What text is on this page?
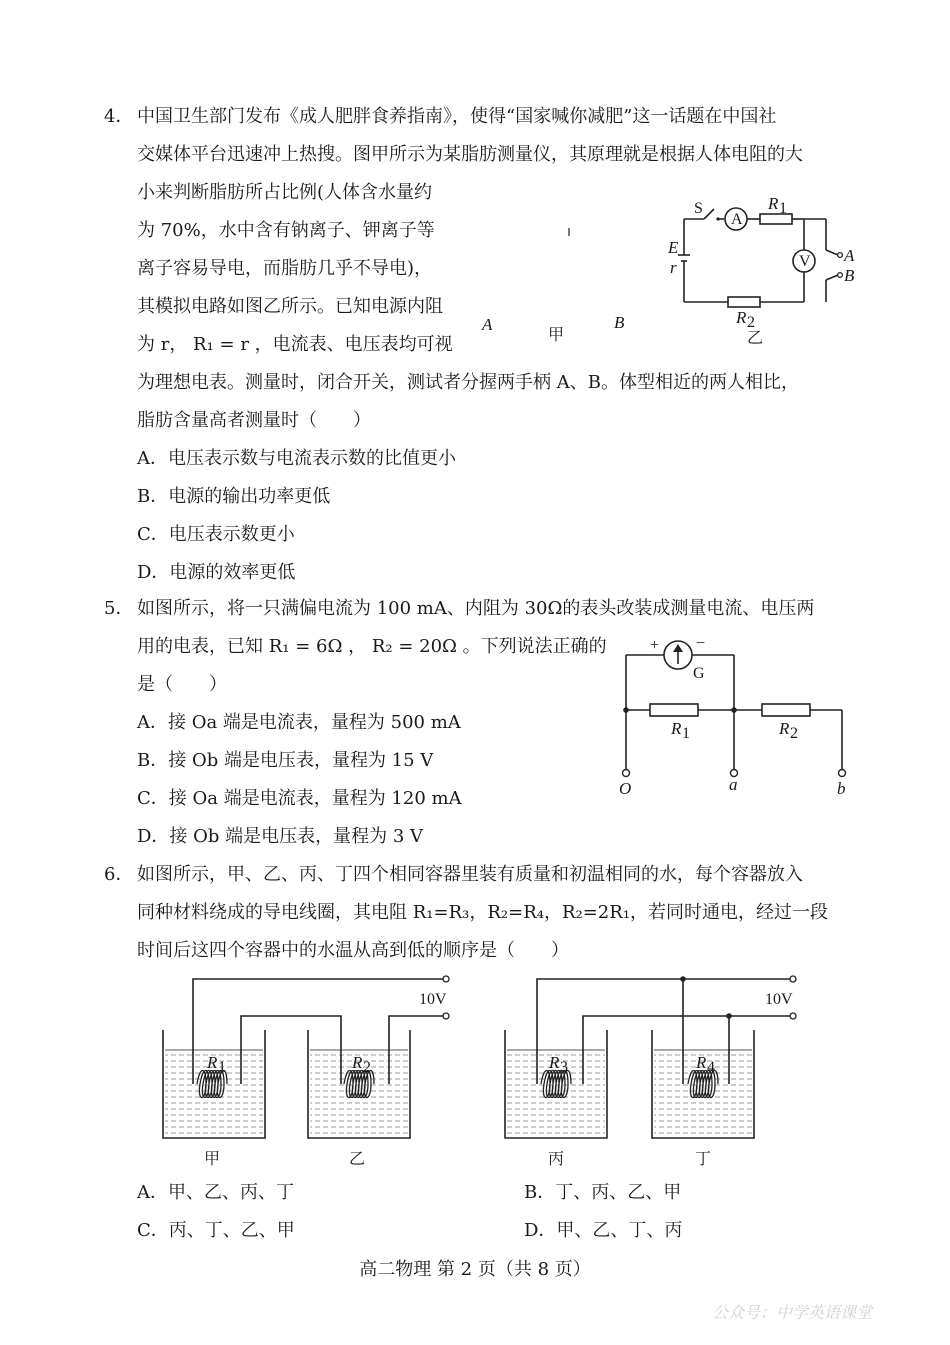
4． 中国卫生部门发布《成人肥胖食养指南》，使得“国家喊你减肥”这一话题在中国社
交媒体平台迅速冲上热搜。图甲所示为某脂肪测量仪，其原理就是根据人体电阻的大
小来判断脂肪所占比例(人体含水量约
为 70%，水中含有钠离子、钾离子等
离子容易导电，而脂肪几乎不导电)，
其模拟电路如图乙所示。已知电源内阻
为 r， R₁ = r ，电流表、电压表均可视
为理想电表。测量时，闭合开关，测试者分握两手柄 A、B。体型相近的两人相比，
脂肪含量高者测量时（　　）
A．电压表示数与电流表示数的比值更小
B．电源的输出功率更低
C．电压表示数更小
D．电源的效率更低
A	B
甲
S
A
R 1
V
E
r
A
B
R 2
乙
5． 如图所示，将一只满偏电流为 100 mA、内阻为 30Ω的表头改装成测量电流、电压两
用的电表，已知 R₁ = 6Ω ， R₂ = 20Ω 。下列说法正确的
是（　　）
A．接 Oa 端是电流表，量程为 500 mA
B．接 Ob 端是电压表，量程为 15 V
C．接 Oa 端是电流表，量程为 120 mA
D．接 Ob 端是电压表，量程为 3 V
+ −
G
R 1	R 2
O	a	b
6． 如图所示，甲、乙、丙、丁四个相同容器里装有质量和初温相同的水，每个容器放入
同种材料绕成的导电线圈，其电阻 R₁=R₃，R₂=R₄，R₂=2R₁，若同时通电，经过一段
时间后这四个容器中的水温从高到低的顺序是（　　）
10V	10V
R 1	R 2	R 3	R 4
甲	乙	丙	丁
A．甲、乙、丙、丁	B．丁、丙、乙、甲
C．丙、丁、乙、甲	D．甲、乙、丁、丙
高二物理 第 2 页（共 8 页）
公众号：中学英语课堂
